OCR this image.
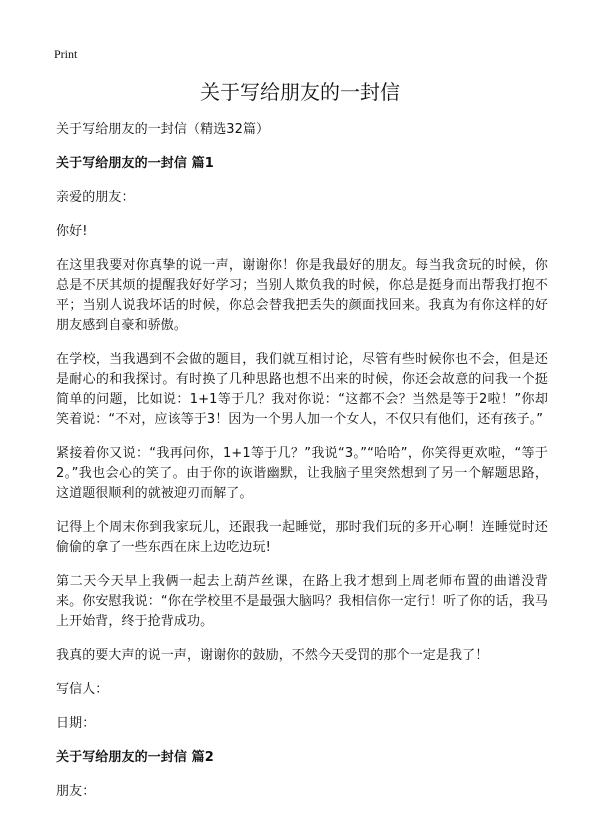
Print
关于写给朋友的一封信

关于写给朋友的一封信（精选32篇）

关于写给朋友的一封信 篇1

亲爱的朋友：

你好!

在这里我要对你真挚的说一声，谢谢你！你是我最好的朋友。每当我贪玩的时候，你总是不厌其烦的提醒我好好学习；当别人欺负我的时候，你总是挺身而出帮我打抱不平；当别人说我坏话的时候，你总会替我把丢失的颜面找回来。我真为有你这样的好朋友感到自豪和骄傲。

在学校，当我遇到不会做的题目，我们就互相讨论，尽管有些时候你也不会，但是还是耐心的和我探讨。有时换了几种思路也想不出来的时候，你还会故意的问我一个挺简单的问题，比如说：1+1等于几？我对你说：“这都不会？当然是等于2啦！”你却笑着说：“不对，应该等于3！因为一个男人加一个女人，不仅只有他们，还有孩子。”

紧接着你又说：“我再问你，1+1等于几？”我说“3。”“哈哈”，你笑得更欢啦，“等于2。”我也会心的笑了。由于你的诙谐幽默，让我脑子里突然想到了另一个解题思路，这道题很顺利的就被迎刃而解了。

记得上个周末你到我家玩儿，还跟我一起睡觉，那时我们玩的多开心啊！连睡觉时还偷偷的拿了一些东西在床上边吃边玩!

第二天今天早上我俩一起去上葫芦丝课，在路上我才想到上周老师布置的曲谱没背来。你安慰我说：“你在学校里不是最强大脑吗？我相信你一定行！听了你的话，我马上开始背，终于抢背成功。

我真的要大声的说一声，谢谢你的鼓励，不然今天受罚的那个一定是我了！

写信人：

日期：

关于写给朋友的一封信 篇2

朋友：
